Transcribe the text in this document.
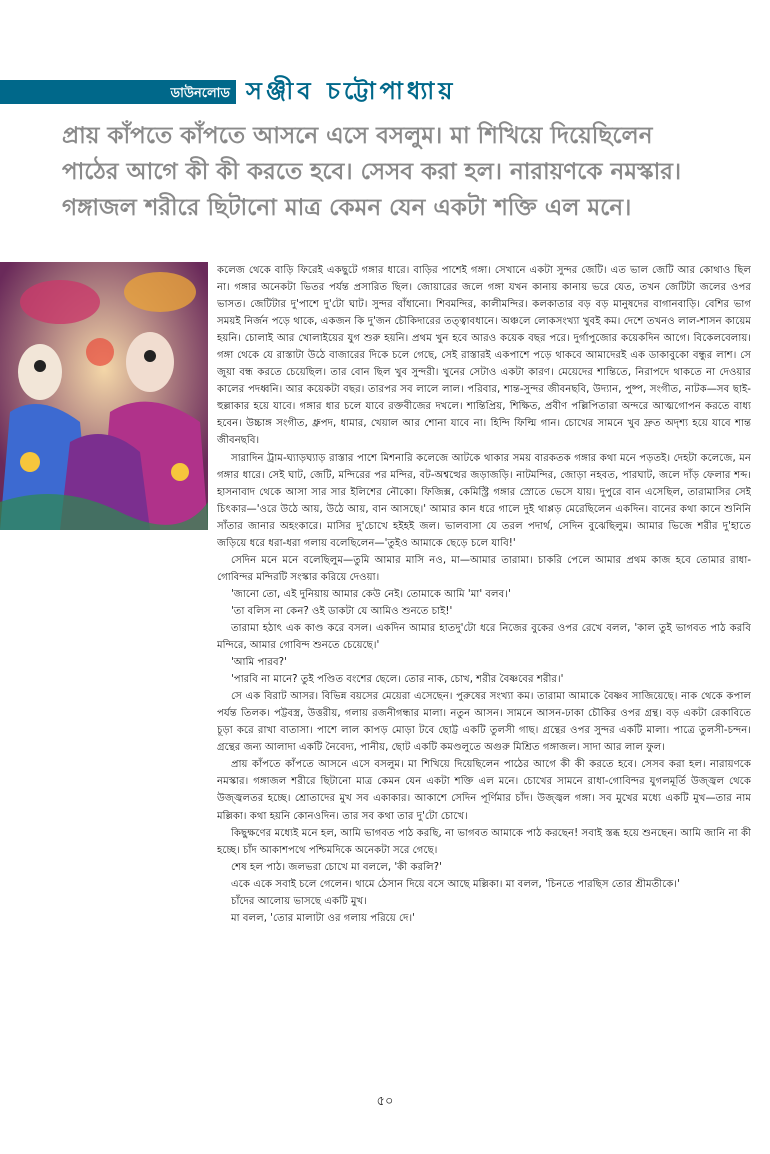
ডাউনলোড সঞ্জীব চট্টোপাধ্যায়
প্রায় কাঁপতে কাঁপতে আসনে এসে বসলুম। মা শিখিয়ে দিয়েছিলেন
পাঠের আগে কী কী করতে হবে। সেসব করা হল। নারায়ণকে নমস্কার।
গঙ্গাজল শরীরে ছিটানো মাত্র কেমন যেন একটা শক্তি এল মনে।

কলেজ থেকে বাড়ি ফিরেই একছুটে গঙ্গার ধারে। বাড়ির পাশেই গঙ্গা। সেখানে একটা সুন্দর জেটি। এত ভাল জেটি আর কোথাও ছিল না। গঙ্গার অনেকটা ভিতর পর্যন্ত প্রসারিত ছিল। জোয়ারের জলে গঙ্গা যখন কানায় কানায় ভরে যেত, তখন জেটিটা জলের ওপর ভাসত। জেটিটার দু'পাশে দু'টো ঘাট। সুন্দর বাঁধানো। শিবমন্দির, কালীমন্দির। কলকাতার বড় বড় মানুষদের বাগানবাড়ি। বেশির ভাগ সময়ই নির্জন পড়ে থাকে, একজন কি দু'জন চৌকিদারের তত্ত্বাবধানে। অঞ্চলে লোকসংখ্যা খুবই কম। দেশে তখনও লাল-শাসন কায়েম হয়নি। চোলাই আর খোলাইয়ের যুগ শুরু হয়নি। প্রথম খুন হবে আরও কয়েক বছর পরে। দুর্গাপুজোর কয়েকদিন আগে। বিকেলবেলায়। গঙ্গা থেকে যে রাস্তাটা উঠে বাজারের দিকে চলে গেছে, সেই রাস্তারই একপাশে পড়ে থাকবে আমাদেরই এক ডাকাবুকো বন্ধুর লাশ। সে জুয়া বন্ধ করতে চেয়েছিল। তার বোন ছিল খুব সুন্দরী। খুনের সেটাও একটা কারণ। মেয়েদের শান্তিতে, নিরাপদে থাকতে না দেওয়ার কালের পদধ্বনি। আর কয়েকটা বছর। তারপর সব লালে লাল। পরিবার, শান্ত-সুন্দর জীবনছবি, উদ্যান, পুষ্প, সংগীত, নাটক—সব ছাই-হুল্লাকার হয়ে যাবে। গঙ্গার ধার চলে যাবে রক্তবীজের দখলে। শান্তিপ্রিয়, শিক্ষিত, প্রবীণ পল্লিপিতারা অন্দরে আত্মগোপন করতে বাধ্য হবেন। উচ্চাঙ্গ সংগীত, ধ্রুপদ, ধামার, খেয়াল আর শোনা যাবে না। হিন্দি ফিল্মি গান। চোখের সামনে খুব দ্রুত অদৃশ্য হয়ে যাবে শান্ত জীবনছবি।

সারাদিন ট্রাম-ঘ্যাড়ঘ্যাড় রাস্তার পাশে মিশনারি কলেজে আটকে থাকার সময় বারকতক গঙ্গার কথা মনে পড়তই। দেহটা কলেজে, মন গঙ্গার ধারে। সেই ঘাট, জেটি, মন্দিরের পর মন্দির, বট-অশ্বত্থের জড়াজড়ি। নাটমন্দির, জোড়া নহবত, পারঘাট, জলে দাঁড় ফেলার শব্দ। হাসনাবাদ থেকে আসা সার সার ইলিশের নৌকো। ফিজিক্স, কেমিস্ট্রি গঙ্গার স্রোতে ভেসে যায়। দুপুরে বান এসেছিল, তারামাসির সেই চিৎকার—'ওরে উঠে আয়, উঠে আয়, বান আসছে।' আমার কান ধরে গালে দুই থাপ্পড় মেরেছিলেন একদিন। বানের কথা কানে শুনিনি সাঁতার জানার অহংকারে। মাসির দু'চোখে হইহই জল। ভালবাসা যে তরল পদার্থ, সেদিন বুঝেছিলুম। আমার ভিজে শরীর দু'হাতে জড়িয়ে ধরে ধরা-ধরা গলায় বলেছিলেন—'তুইও আমাকে ছেড়ে চলে যাবি!'

সেদিন মনে মনে বলেছিলুম—তুমি আমার মাসি নও, মা—আমার তারামা। চাকরি পেলে আমার প্রথম কাজ হবে তোমার রাধা-গোবিন্দর মন্দিরটি সংস্কার করিয়ে দেওয়া।

'জানো তো, এই দুনিয়ায় আমার কেউ নেই। তোমাকে আমি 'মা' বলব।'

'তা বলিস না কেন? ওই ডাকটা যে আমিও শুনতে চাই!'

তারামা হঠাৎ এক কাণ্ড করে বসল। একদিন আমার হাতদু'টো ধরে নিজের বুকের ওপর রেখে বলল, 'কাল তুই ভাগবত পাঠ করবি মন্দিরে, আমার গোবিন্দ শুনতে চেয়েছে।'

'আমি পারব?'

'পারবি না মানে? তুই পণ্ডিত বংশের ছেলে। তোর নাক, চোখ, শরীর বৈষ্ণবের শরীর।'

সে এক বিরাট আসর। বিভিন্ন বয়সের মেয়েরা এসেছেন। পুরুষের সংখ্যা কম। তারামা আমাকে বৈষ্ণব সাজিয়েছে। নাক থেকে কপাল পর্যন্ত তিলক। পট্টবস্ত্র, উত্তরীয়, গলায় রজনীগন্ধার মালা। নতুন আসন। সামনে আসন-ঢাকা চৌকির ওপর গ্রন্থ। বড় একটা রেকাবিতে চূড়া করে রাখা বাতাসা। পাশে লাল কাপড় মোড়া টবে ছোট্ট একটি তুলসী গাছ। গ্রন্থের ওপর সুন্দর একটি মালা। পাত্রে তুলসী-চন্দন। গ্রন্থের জন্য আলাদা একটি নৈবেদ্য, পানীয়, ছোট একটি কমণ্ডলুতে অগুরু মিশ্রিত গঙ্গাজল। সাদা আর লাল ফুল।

প্রায় কাঁপতে কাঁপতে আসনে এসে বসলুম। মা শিখিয়ে দিয়েছিলেন পাঠের আগে কী কী করতে হবে। সেসব করা হল। নারায়ণকে নমস্কার। গঙ্গাজল শরীরে ছিটানো মাত্র কেমন যেন একটা শক্তি এল মনে। চোখের সামনে রাধা-গোবিন্দর যুগলমূর্তি উজ্জ্বল থেকে উজ্জ্বলতর হচ্ছে। শ্রোতাদের মুখ সব একাকার। আকাশে সেদিন পূর্ণিমার চাঁদ। উজ্জ্বল গঙ্গা। সব মুখের মধ্যে একটি মুখ—তার নাম মল্লিকা। কথা হয়নি কোনওদিন। তার সব কথা তার দু'টো চোখে।

কিছুক্ষণের মধ্যেই মনে হল, আমি ভাগবত পাঠ করছি, না ভাগবত আমাকে পাঠ করছেন! সবাই স্তব্ধ হয়ে শুনছেন। আমি জানি না কী হচ্ছে। চাঁদ আকাশপথে পশ্চিমদিকে অনেকটা সরে গেছে।

শেষ হল পাঠ। জলভরা চোখে মা বললে, 'কী করলি?'

একে একে সবাই চলে গেলেন। থামে ঠেসান দিয়ে বসে আছে মল্লিকা। মা বলল, 'চিনতে পারছিস তোর শ্রীমতীকে।'

চাঁদের আলোয় ভাসছে একটি মুখ।

মা বলল, 'তোর মালাটা ওর গলায় পরিয়ে দে।'

৫০
